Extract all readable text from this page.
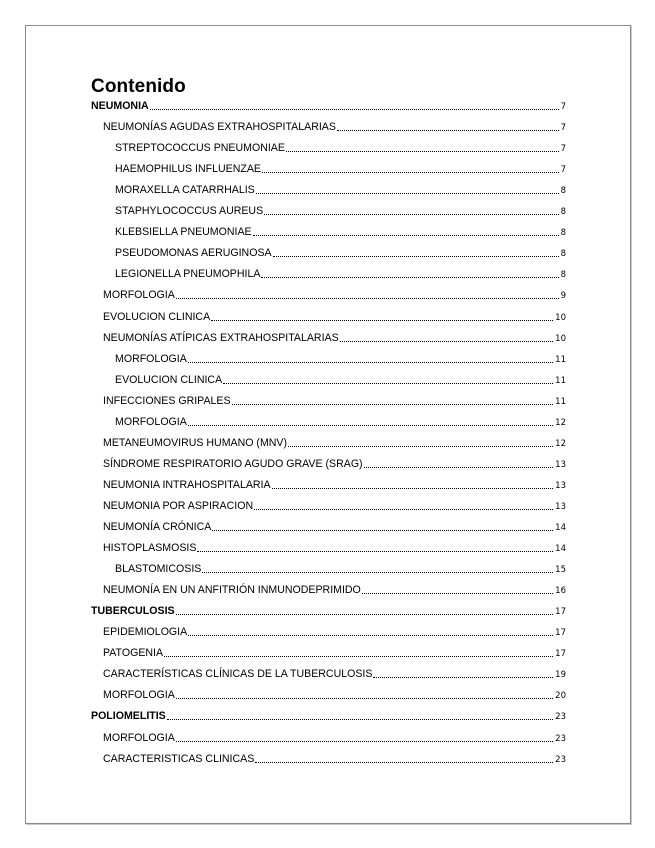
Contenido
NEUMONIA	7
NEUMONÍAS AGUDAS EXTRAHOSPITALARIAS	7
STREPTOCOCCUS PNEUMONIAE	7
HAEMOPHILUS INFLUENZAE	7
MORAXELLA CATARRHALIS	8
STAPHYLOCOCCUS AUREUS	8
KLEBSIELLA PNEUMONIAE	8
PSEUDOMONAS AERUGINOSA	8
LEGIONELLA PNEUMOPHILA	8
MORFOLOGIA	9
EVOLUCION CLINICA	10
NEUMONÍAS ATÍPICAS EXTRAHOSPITALARIAS	10
MORFOLOGIA	11
EVOLUCION CLINICA	11
INFECCIONES GRIPALES	11
MORFOLOGIA	12
METANEUMOVIRUS HUMANO (MNV)	12
SÍNDROME RESPIRATORIO AGUDO GRAVE (SRAG)	13
NEUMONIA INTRAHOSPITALARIA	13
NEUMONIA POR ASPIRACION	13
NEUMONÍA CRÓNICA	14
HISTOPLASMOSIS	14
BLASTOMICOSIS	15
NEUMONÍA EN UN ANFITRIÓN INMUNODEPRIMIDO	16
TUBERCULOSIS	17
EPIDEMIOLOGIA	17
PATOGENIA	17
CARACTERÍSTICAS CLÍNICAS DE LA TUBERCULOSIS	19
MORFOLOGIA	20
POLIOMELITIS	23
MORFOLOGIA	23
CARACTERISTICAS CLINICAS	23
